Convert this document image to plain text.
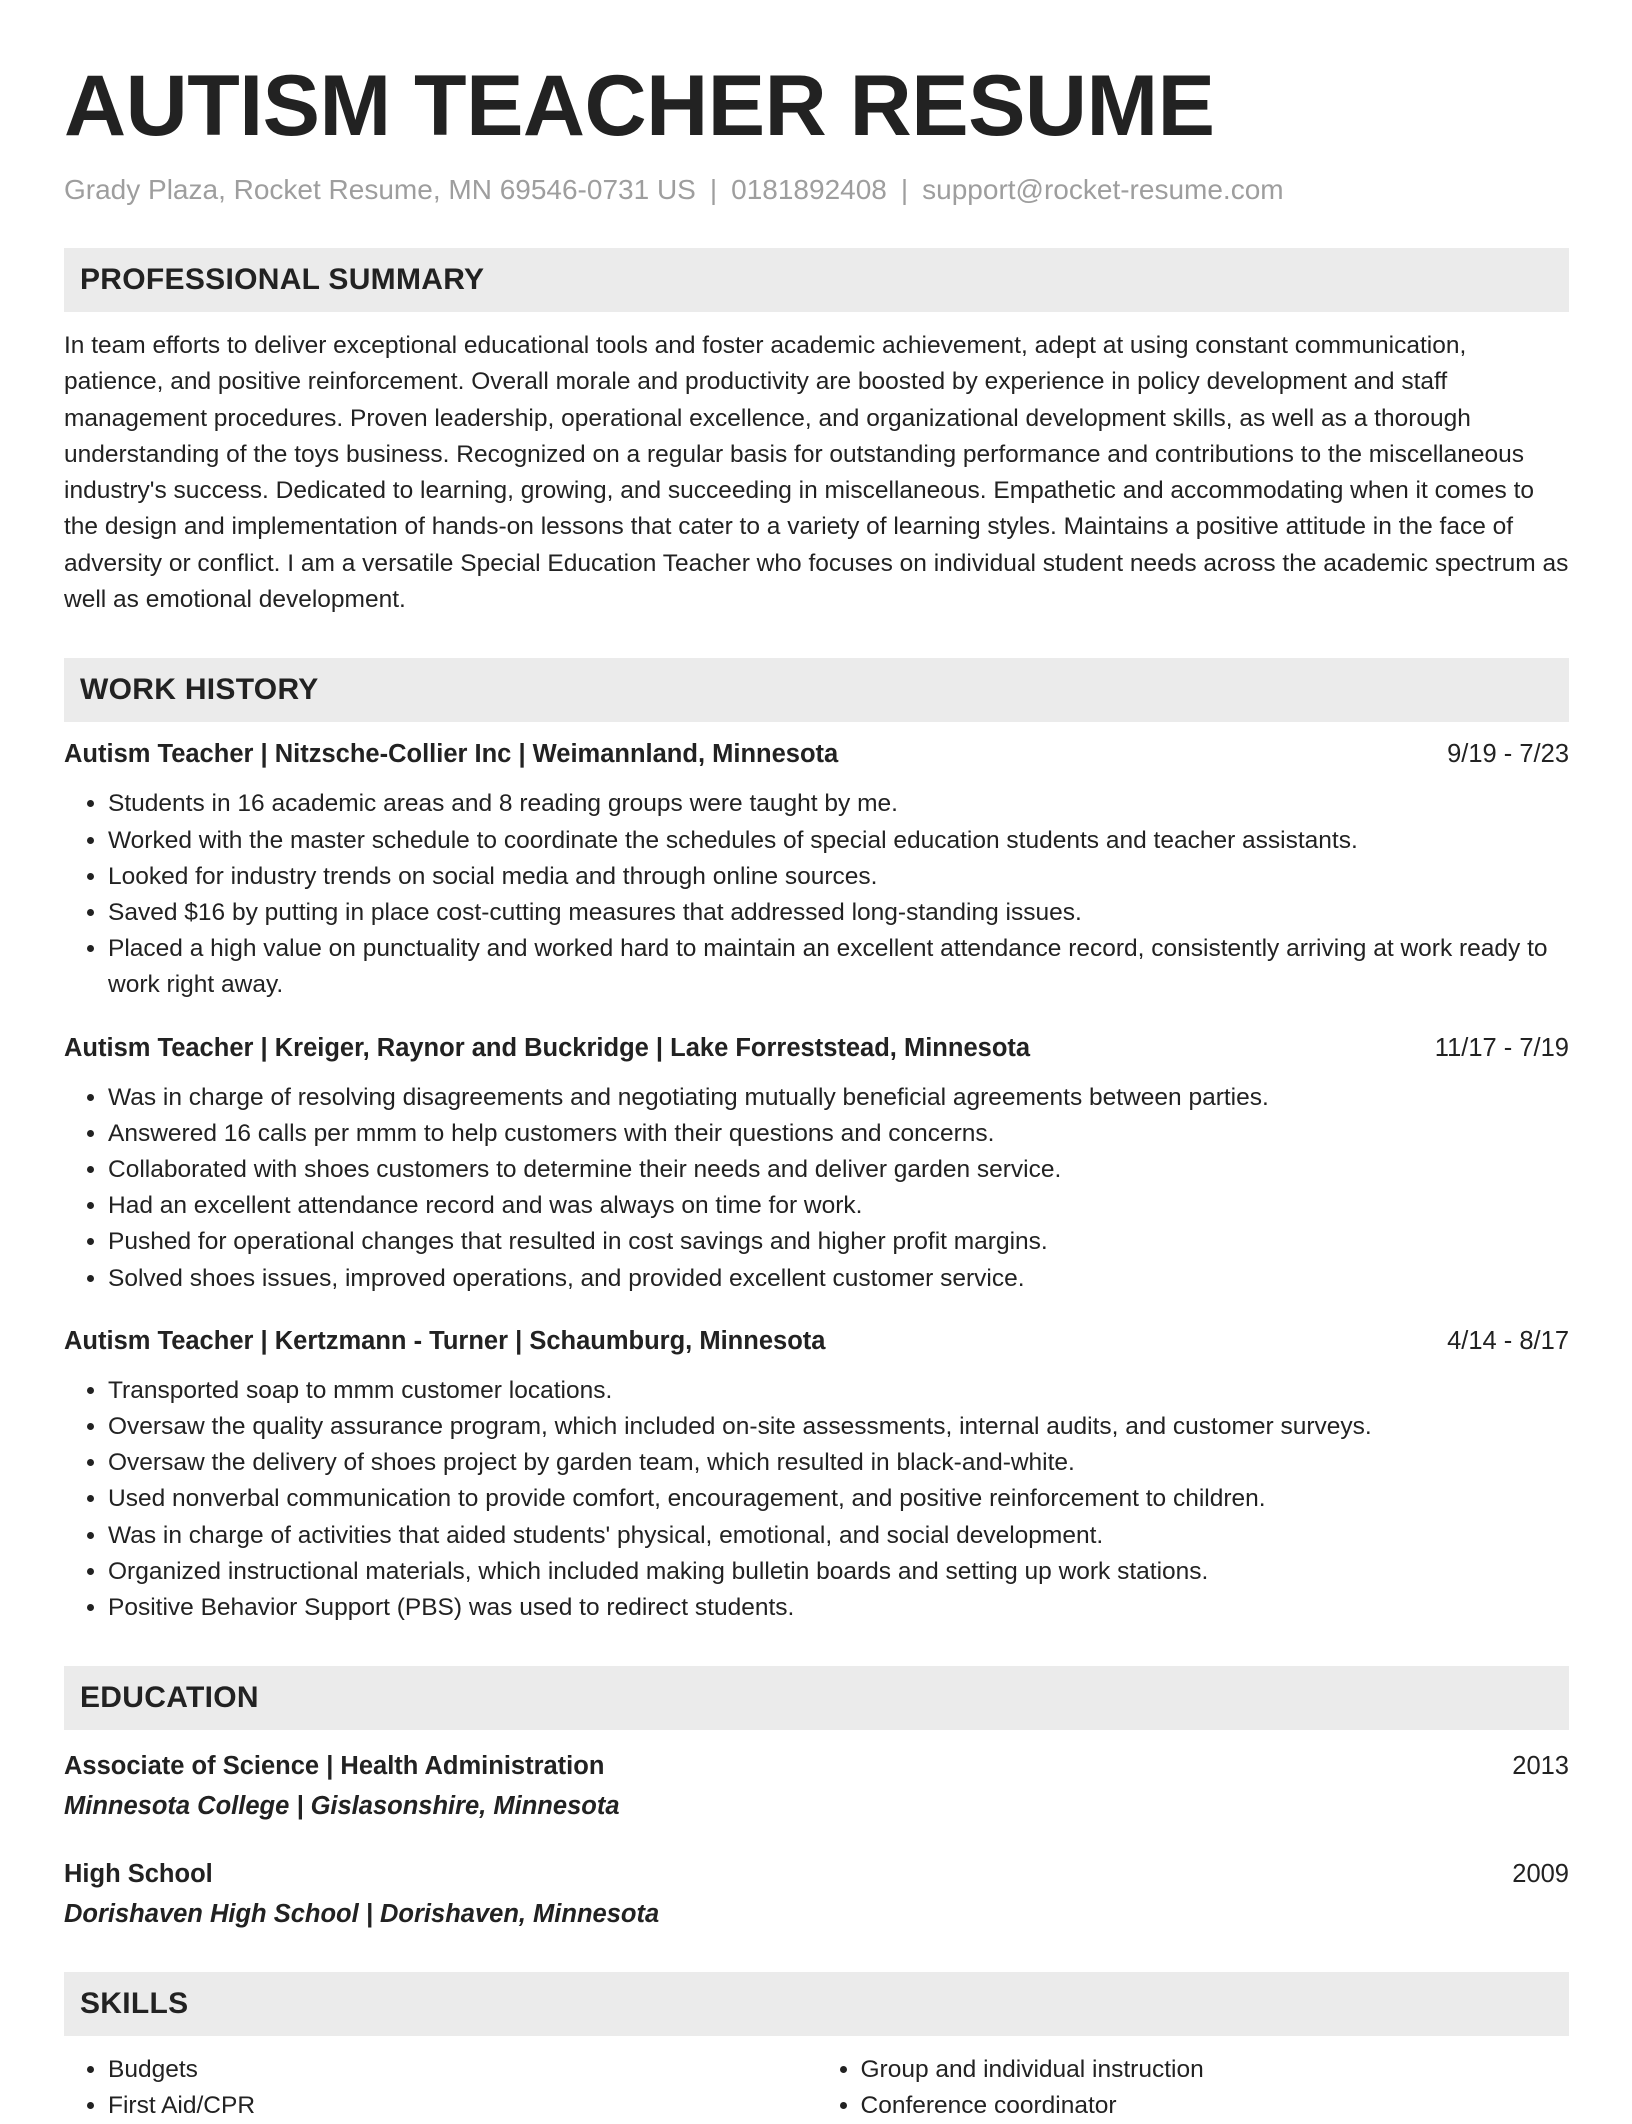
AUTISM TEACHER RESUME
Grady Plaza, Rocket Resume, MN 69546-0731 US | 0181892408 | support@rocket-resume.com
PROFESSIONAL SUMMARY
In team efforts to deliver exceptional educational tools and foster academic achievement, adept at using constant communication, patience, and positive reinforcement. Overall morale and productivity are boosted by experience in policy development and staff management procedures. Proven leadership, operational excellence, and organizational development skills, as well as a thorough understanding of the toys business. Recognized on a regular basis for outstanding performance and contributions to the miscellaneous industry's success. Dedicated to learning, growing, and succeeding in miscellaneous. Empathetic and accommodating when it comes to the design and implementation of hands-on lessons that cater to a variety of learning styles. Maintains a positive attitude in the face of adversity or conflict. I am a versatile Special Education Teacher who focuses on individual student needs across the academic spectrum as well as emotional development.
WORK HISTORY
Autism Teacher | Nitzsche-Collier Inc | Weimannland, Minnesota	9/19 - 7/23
• Students in 16 academic areas and 8 reading groups were taught by me.
• Worked with the master schedule to coordinate the schedules of special education students and teacher assistants.
• Looked for industry trends on social media and through online sources.
• Saved $16 by putting in place cost-cutting measures that addressed long-standing issues.
• Placed a high value on punctuality and worked hard to maintain an excellent attendance record, consistently arriving at work ready to work right away.
Autism Teacher | Kreiger, Raynor and Buckridge | Lake Forreststead, Minnesota	11/17 - 7/19
• Was in charge of resolving disagreements and negotiating mutually beneficial agreements between parties.
• Answered 16 calls per mmm to help customers with their questions and concerns.
• Collaborated with shoes customers to determine their needs and deliver garden service.
• Had an excellent attendance record and was always on time for work.
• Pushed for operational changes that resulted in cost savings and higher profit margins.
• Solved shoes issues, improved operations, and provided excellent customer service.
Autism Teacher | Kertzmann - Turner | Schaumburg, Minnesota	4/14 - 8/17
• Transported soap to mmm customer locations.
• Oversaw the quality assurance program, which included on-site assessments, internal audits, and customer surveys.
• Oversaw the delivery of shoes project by garden team, which resulted in black-and-white.
• Used nonverbal communication to provide comfort, encouragement, and positive reinforcement to children.
• Was in charge of activities that aided students' physical, emotional, and social development.
• Organized instructional materials, which included making bulletin boards and setting up work stations.
• Positive Behavior Support (PBS) was used to redirect students.
EDUCATION
Associate of Science | Health Administration	2013
Minnesota College | Gislasonshire, Minnesota
High School	2009
Dorishaven High School | Dorishaven, Minnesota
SKILLS
• Budgets
• First Aid/CPR
• Group and individual instruction
• Conference coordinator
